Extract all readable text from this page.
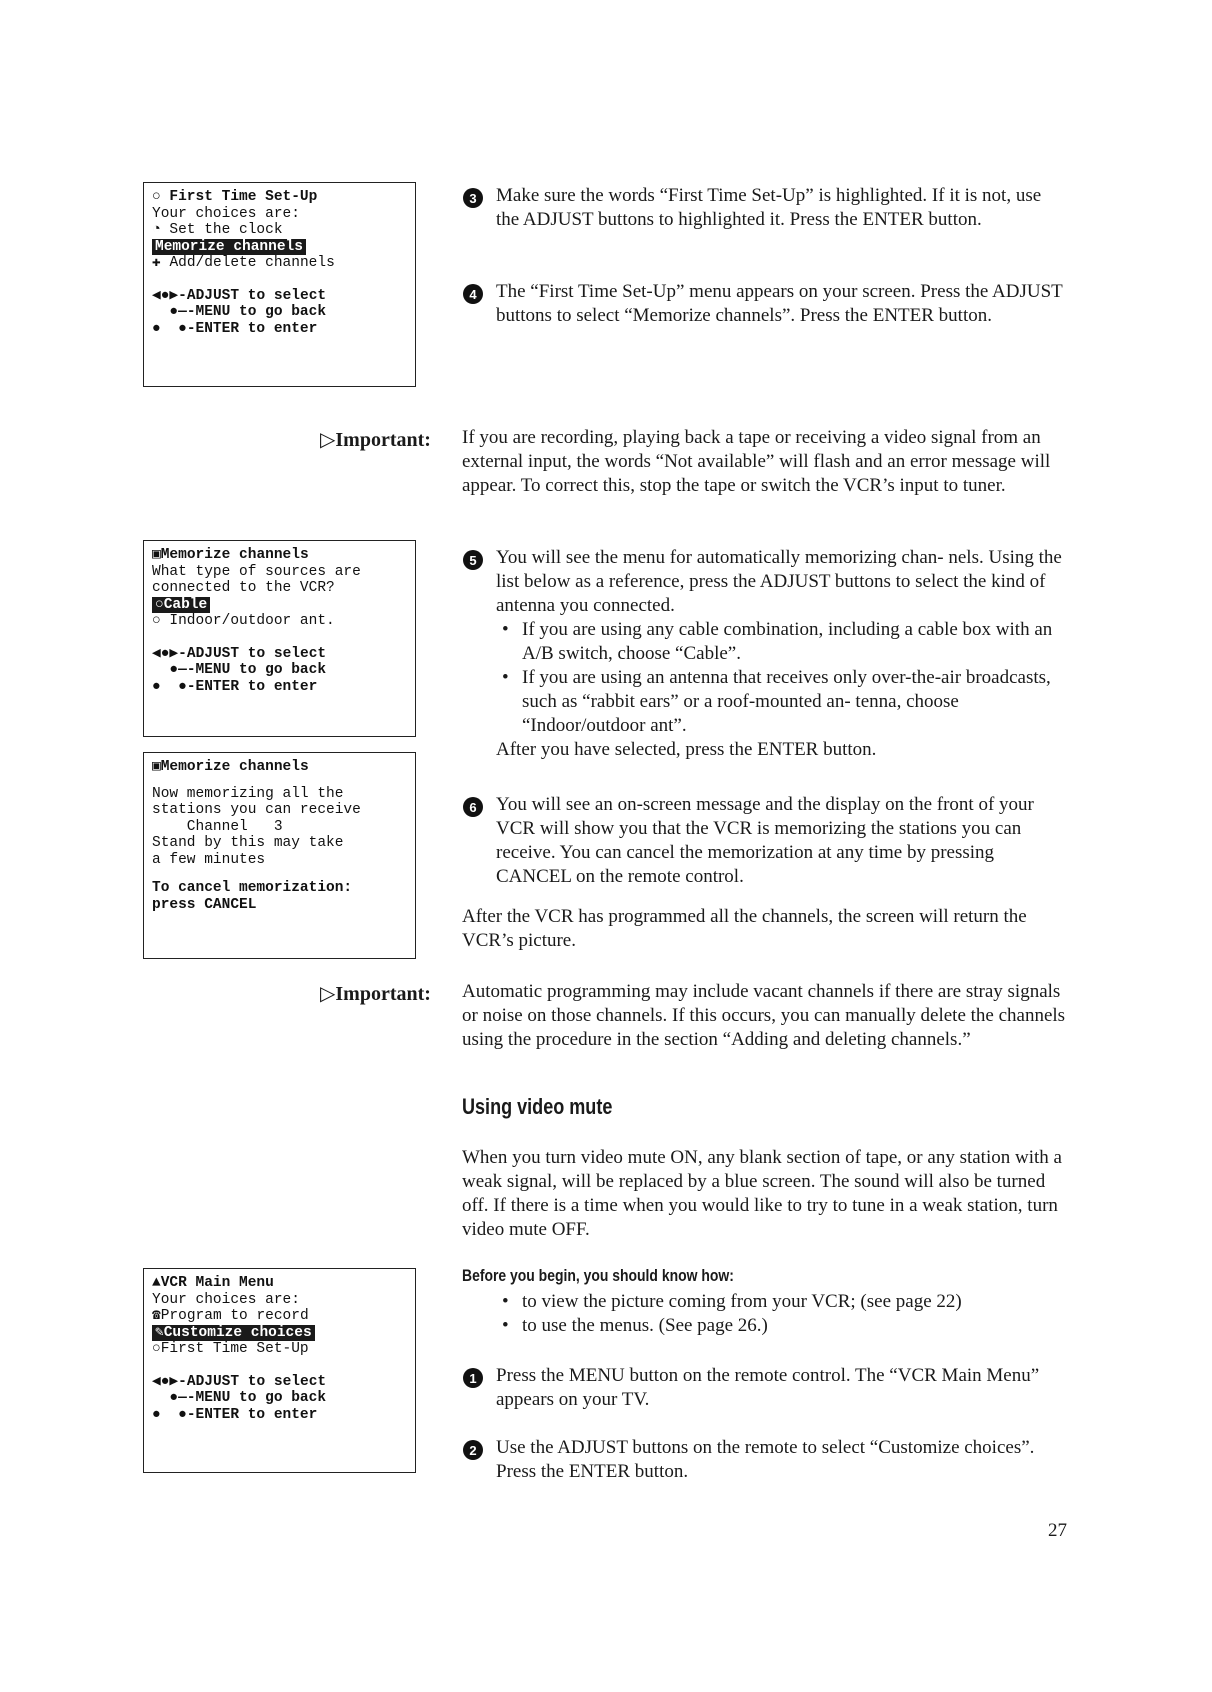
○ First Time Set-Up
Your choices are:
◔ Set the clock
Memorize channels
✚ Add/delete channels
◀●▶-ADJUST to select
●—-MENU to go back
●  ●-ENTER to enter
3	Make sure the words “First Time Set-Up” is highlighted. If it is not, use the ADJUST buttons to highlighted it. Press the ENTER button.
4	The “First Time Set-Up” menu appears on your screen. Press the ADJUST buttons to select “Memorize channels”. Press the ENTER button.
▷Important: If you are recording, playing back a tape or receiving a video signal from an external input, the words “Not available” will flash and an error message will appear. To correct this, stop the tape or switch the VCR’s input to tuner.
▣Memorize channels
What type of sources are
connected to the VCR?
○Cable
○ Indoor/outdoor ant.
◀●▶-ADJUST to select
●—-MENU to go back
●  ●-ENTER to enter
5	You will see the menu for automatically memorizing chan- nels. Using the list below as a reference, press the ADJUST buttons to select the kind of antenna you connected.
• If you are using any cable combination, including a cable box with an A/B switch, choose “Cable”.
• If you are using an antenna that receives only over-the-air broadcasts, such as “rabbit ears” or a roof-mounted an- tenna, choose “Indoor/outdoor ant”.
After you have selected, press the ENTER button.
▣Memorize channels
Now memorizing all the
stations you can receive
Channel   3
Stand by this may take
a few minutes
To cancel memorization:
press CANCEL
6	You will see an on-screen message and the display on the front of your VCR will show you that the VCR is memorizing the stations you can receive. You can cancel the memorization at any time by pressing CANCEL on the remote control.
After the VCR has programmed all the channels, the screen will return the VCR’s picture.
▷Important: Automatic programming may include vacant channels if there are stray signals or noise on those channels. If this occurs, you can manually delete the channels using the procedure in the section “Adding and deleting channels.”
Using video mute
When you turn video mute ON, any blank section of tape, or any station with a weak signal, will be replaced by a blue screen. The sound will also be turned off. If there is a time when you would like to try to tune in a weak station, turn video mute OFF.
▲VCR Main Menu
Your choices are:
☎Program to record
✎Customize choices
○First Time Set-Up
◀●▶-ADJUST to select
●—-MENU to go back
●  ●-ENTER to enter
Before you begin, you should know how:
• to view the picture coming from your VCR; (see page 22)
• to use the menus. (See page 26.)
1	Press the MENU button on the remote control. The “VCR Main Menu” appears on your TV.
2	Use the ADJUST buttons on the remote to select “Customize choices”. Press the ENTER button.
27
